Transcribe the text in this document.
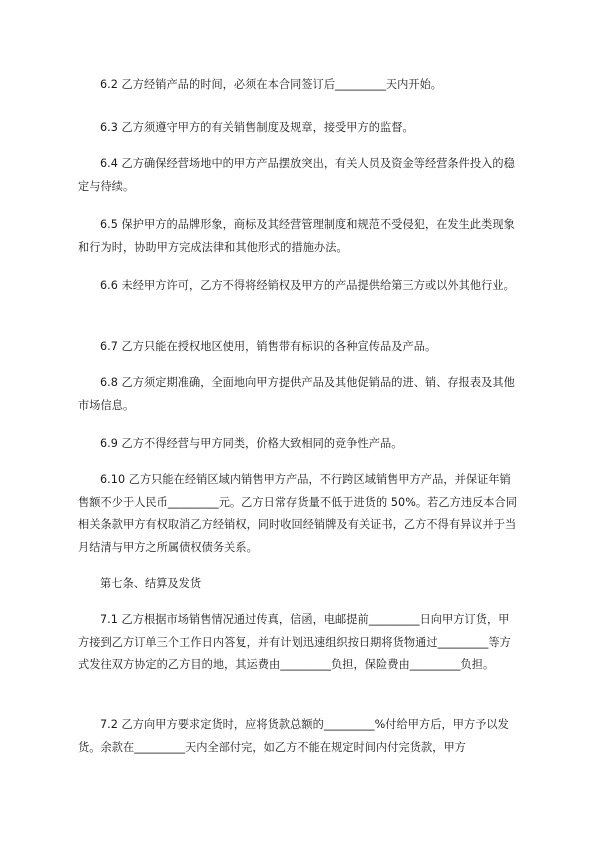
6.2 乙方经销产品的时间，必须在本合同签订后_________天内开始。

6.3 乙方须遵守甲方的有关销售制度及规章，接受甲方的监督。

6.4 乙方确保经营场地中的甲方产品摆放突出，有关人员及资金等经营条件投入的稳定与待续。

6.5 保护甲方的品牌形象，商标及其经营管理制度和规范不受侵犯，在发生此类现象和行为时，协助甲方完成法律和其他形式的措施办法。

6.6 未经甲方许可，乙方不得将经销权及甲方的产品提供给第三方或以外其他行业。

6.7 乙方只能在授权地区使用，销售带有标识的各种宣传品及产品。

6.8 乙方须定期准确，全面地向甲方提供产品及其他促销品的进、销、存报表及其他市场信息。

6.9 乙方不得经营与甲方同类，价格大致相同的竞争性产品。

6.10 乙方只能在经销区域内销售甲方产品，不行跨区域销售甲方产品，并保证年销售额不少于人民币_________元。乙方日常存货量不低于进货的 50%。若乙方违反本合同相关条款甲方有权取消乙方经销权，同时收回经销牌及有关证书，乙方不得有异议并于当月结清与甲方之所属债权债务关系。

第七条、结算及发货

7.1 乙方根据市场销售情况通过传真，信函，电邮提前_________日向甲方订货，甲方接到乙方订单三个工作日内答复，并有计划迅速组织按日期将货物通过_________等方式发往双方协定的乙方目的地，其运费由_________负担，保险费由_________负担。

7.2 乙方向甲方要求定货时，应将货款总额的_________%付给甲方后，甲方予以发货。余款在_________天内全部付完，如乙方不能在规定时间内付完货款，甲方
